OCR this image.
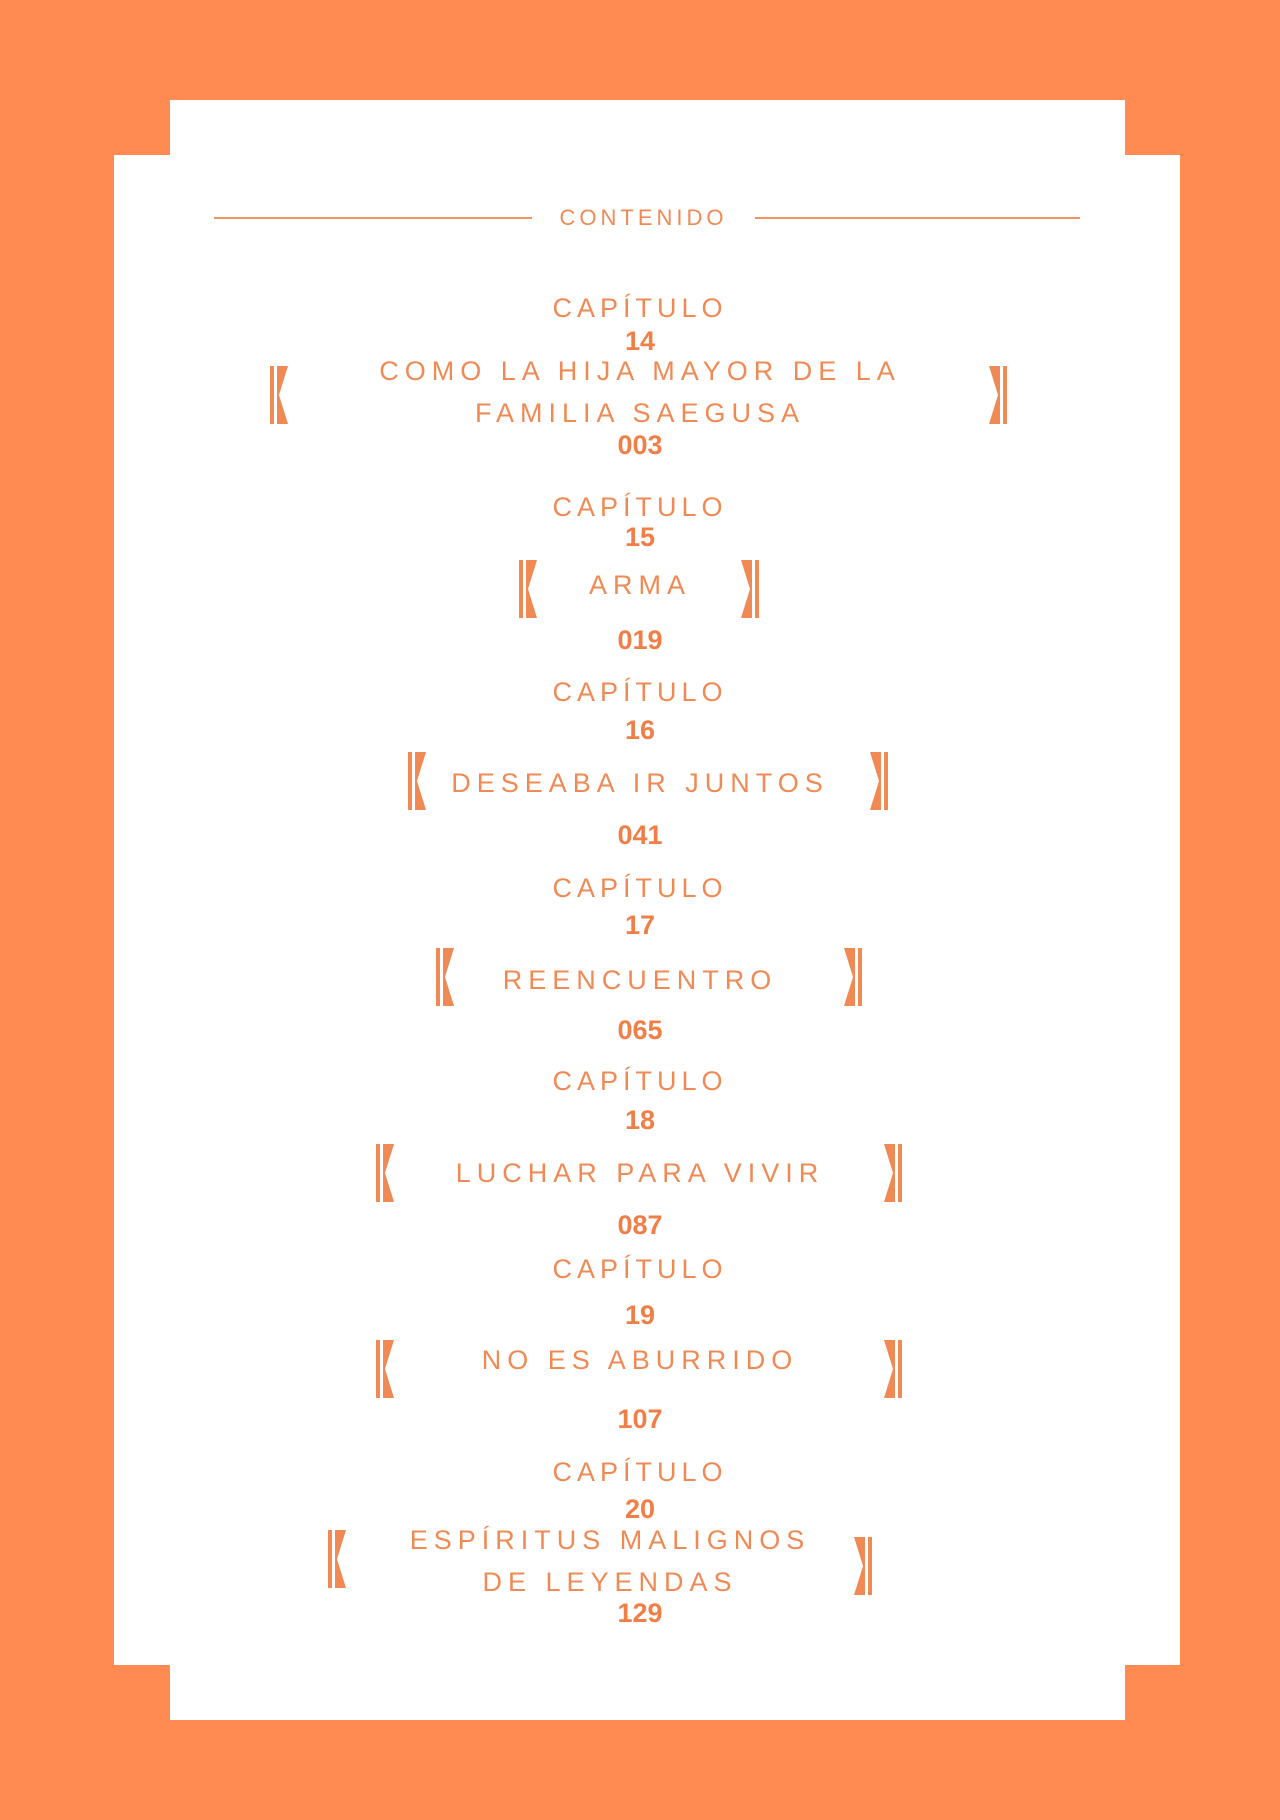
CONTENIDO
CAPÍTULO
14
COMO LA HIJA MAYOR DE LA
FAMILIA SAEGUSA
003
CAPÍTULO
15
ARMA
019
CAPÍTULO
16
DESEABA IR JUNTOS
041
CAPÍTULO
17
REENCUENTRO
065
CAPÍTULO
18
LUCHAR PARA VIVIR
087
CAPÍTULO
19
NO ES ABURRIDO
107
CAPÍTULO
20
ESPÍRITUS MALIGNOS
DE LEYENDAS
129
